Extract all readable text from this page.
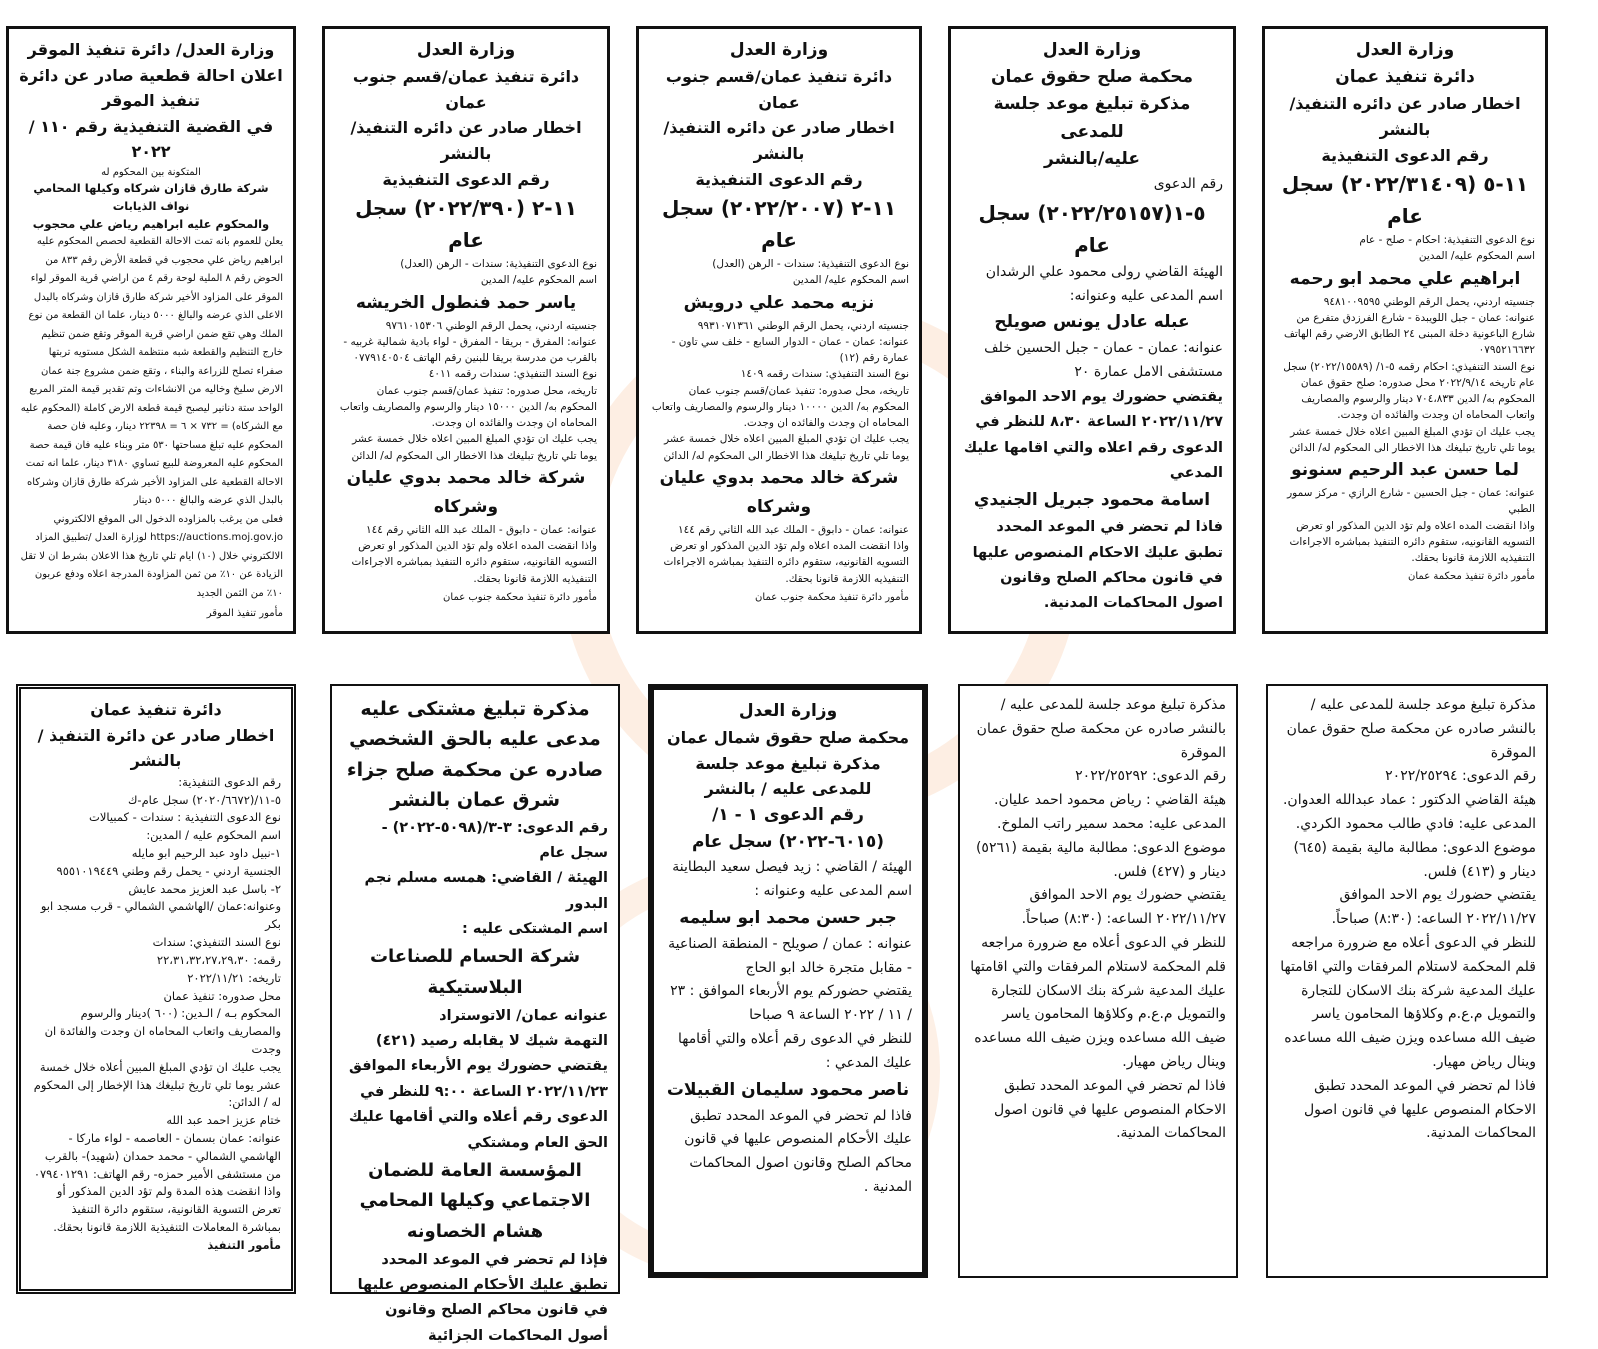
وزارة العدل
دائرة تنفيذ عمان
اخطار صادر عن دائره التنفيذ/ بالنشر
رقم الدعوى التنفيذية
١١-٥ (٢٠٢٢/٣١٤٠٩) سجل عام
نوع الدعوى التنفيذية: احكام - صلح - عام
اسم المحكوم عليه/ المدين
ابراهيم علي محمد ابو رحمه
جنسيته اردني، يحمل الرقم الوطني ٩٤٨١٠٠٩٥٩٥
عنوانه: عمان - جبل اللويبدة - شارع الفرزدق متفرع من شارع الباعونية دخلة المبنى ٢٤ الطابق الارضي رقم الهاتف ٠٧٩٥٢١٦٦٣٢
نوع السند التنفيذي: احكام رقمه ٥-١/ (٢٠٢٢/١٥٥٨٩) سجل عام تاريخه ٢٠٢٢/٩/١٤ محل صدوره: صلح حقوق عمان
المحكوم به/ الدين ٧٠٤،٨٣٣ دينار والرسوم والمصاريف واتعاب المحاماه ان وجدت والفائده ان وجدت.
يجب عليك ان تؤدي المبلغ المبين اعلاه خلال خمسة عشر يوما تلي تاريخ تبليغك هذا الاخطار الى المحكوم له/ الدائن
لما حسن عبد الرحيم سنونو
عنوانه: عمان - جبل الحسين - شارع الرازي - مركز سمور الطبي
واذا انقضت المده اعلاه ولم تؤد الدين المذكور او تعرض التسويه القانونيه، ستقوم دائره التنفيذ بمباشره الاجراءات التنفيذيه اللازمة قانونا بحقك.
مأمور دائرة تنفيذ محكمة عمان
وزارة العدل
محكمة صلح حقوق عمان
مذكرة تبليغ موعد جلسة للمدعى
عليه/بالنشر
رقم الدعوى
٥-١(٢٠٢٢/٢٥١٥٧) سجل عام
الهيئة القاضي رولى محمود علي الرشدان
اسم المدعى عليه وعنوانه:
عبله عادل يونس صويلح
عنوانه: عمان - عمان - جبل الحسين خلف مستشفى الامل عمارة ٢٠
يقتضي حضورك يوم الاحد الموافق ٢٠٢٢/١١/٢٧ الساعة ٨،٣٠ للنظر في الدعوى رقم اعلاه والتي اقامها عليك المدعي
اسامة محمود جبريل الجنيدي
فاذا لم تحضر في الموعد المحدد تطبق عليك الاحكام المنصوص عليها في قانون محاكم الصلح وقانون اصول المحاكمات المدنية.
وزارة العدل
دائرة تنفيذ عمان/قسم جنوب عمان
اخطار صادر عن دائره التنفيذ/ بالنشر
رقم الدعوى التنفيذية
١١-٢ (٢٠٢٢/٢٠٠٧) سجل عام
نوع الدعوى التنفيذية: سندات - الرهن (العدل)
اسم المحكوم عليه/ المدين
نزيه محمد علي درويش
جنسيته اردني، يحمل الرقم الوطني ٩٩٣١٠٧١٣٦١
عنوانه: عمان - عمان - الدوار السابع - خلف سي تاون - عمارة رقم (١٢)
نوع السند التنفيذي: سندات رقمه ١٤٠٩
تاريخه، محل صدوره: تنفيذ عمان/قسم جنوب عمان
المحكوم به/ الدين ١٠٠٠٠ دينار والرسوم والمصاريف واتعاب المحاماه ان وجدت والفائده ان وجدت.
يجب عليك ان تؤدي المبلغ المبين اعلاه خلال خمسة عشر يوما تلي تاريخ تبليغك هذا الاخطار الى المحكوم له/ الدائن
شركة خالد محمد بدوي عليان وشركاه
عنوانه: عمان - دابوق - الملك عبد الله الثاني رقم ١٤٤
واذا انقضت المده اعلاه ولم تؤد الدين المذكور او تعرض التسويه القانونيه، ستقوم دائره التنفيذ بمباشره الاجراءات التنفيذيه اللازمة قانونا بحقك.
مأمور دائرة تنفيذ محكمة جنوب عمان
وزارة العدل
دائرة تنفيذ عمان/قسم جنوب عمان
اخطار صادر عن دائره التنفيذ/ بالنشر
رقم الدعوى التنفيذية
١١-٢ (٢٠٢٢/٣٩٠) سجل عام
نوع الدعوى التنفيذية: سندات - الرهن (العدل)
اسم المحكوم عليه/ المدين
ياسر حمد فنطول الخريشه
جنسيته اردني، يحمل الرقم الوطني ٩٧٦١٠١٥٣٠٦
عنوانه: المفرق - بريقا - المفرق - لواء بادية شمالية غربيه - بالقرب من مدرسة بريقا للبنين رقم الهاتف ٠٧٧٩١٤٠٥٠٤
نوع السند التنفيذي: سندات رقمه ٤٠١١
تاريخه، محل صدوره: تنفيذ عمان/قسم جنوب عمان
المحكوم به/ الدين ١٥٠٠٠ دينار والرسوم والمصاريف واتعاب المحاماه ان وجدت والفائده ان وجدت.
يجب عليك ان تؤدي المبلغ المبين اعلاه خلال خمسة عشر يوما تلي تاريخ تبليغك هذا الاخطار الى المحكوم له/ الدائن
شركة خالد محمد بدوي عليان وشركاه
عنوانه: عمان - دابوق - الملك عبد الله الثاني رقم ١٤٤
واذا انقضت المده اعلاه ولم تؤد الدين المذكور او تعرض التسويه القانونيه، ستقوم دائره التنفيذ بمباشره الاجراءات التنفيذيه اللازمة قانونا بحقك.
مأمور دائرة تنفيذ محكمة جنوب عمان
وزارة العدل/ دائرة تنفيذ الموقر
اعلان احالة قطعية صادر عن دائرة تنفيذ الموقر
في القضية التنفيذية رقم ١١٠ / ٢٠٢٢
المتكونة بين المحكوم له
شركة طارق قازان شركاه وكيلها المحامي نواف الذيابات
والمحكوم عليه ابراهيم رياض علي محجوب
يعلن للعموم بانه تمت الاحالة القطعية لحصص المحكوم عليه ابراهيم رياض علي محجوب في قطعة الأرض رقم ٨٣٣ من الحوض رقم ٨ الملية لوحة رقم ٤ من اراضي قرية الموقر لواء الموقر على المزاود الأخير شركة طارق قازان وشركاه بالبدل الاعلى الذي عرضه والبالغ ٥٠٠٠ دينار، علما ان القطعة من نوع الملك وهي تقع ضمن اراضي قرية الموقر وتقع ضمن تنظيم خارج التنظيم والقطعة شبه منتظمة الشكل مستويه تربتها صفراء تصلح للزراعة والبناء ، وتقع ضمن مشروع جنة عمان الارض سليخ وخاليه من الانشاءات وتم تقدير قيمة المتر المربع الواحد ستة دنانير ليصبح قيمة قطعة الارض كاملة (المحكوم عليه مع الشركاه) = ٧٣٢ × ٦ = ٢٢٣٩٨ دينار، وعليه فان حصة المحكوم عليه تبلغ مساحتها ٥٣٠ متر وبناء عليه فان قيمة حصة المحكوم عليه المعروضة للبيع تساوي ٣١٨٠ دينار، علما انه تمت الاحالة القطعية على المزاود الأخير شركة طارق قازان وشركاه بالبدل الذي عرضه والبالغ ٥٠٠٠ دينار
فعلى من يرغب بالمزاوده الدخول الى الموقع الالكتروني https://auctions.moj.gov.jo لوزارة العدل /تطبيق المزاد الالكتروني خلال (١٠) ايام تلي تاريخ هذا الاعلان بشرط ان لا تقل الزيادة عن ١٠٪ من ثمن المزاودة المدرجة اعلاه ودفع عربون ١٠٪ من الثمن الجديد
مأمور تنفيذ الموقر
مذكرة تبليغ موعد جلسة للمدعى عليه / بالنشر صادره عن محكمة صلح حقوق عمان الموقرة
رقم الدعوى: ٢٠٢٢/٢٥٢٩٤
هيئة القاضي الدكتور : عماد عبدالله العدوان.
المدعى عليه: فادي طالب محمود الكردي.
موضوع الدعوى: مطالبة مالية بقيمة (٦٤٥) دينار و (٤١٣) فلس.
يقتضي حضورك يوم الاحد الموافق ٢٠٢٢/١١/٢٧ الساعه: (٨:٣٠) صباحاً.
للنظر في الدعوى أعلاه مع ضرورة مراجعه قلم المحكمة لاستلام المرفقات والتي اقامتها عليك المدعية شركة بنك الاسكان للتجارة والتمويل م.ع.م وكلاؤها المحامون ياسر ضيف الله مساعده ويزن ضيف الله مساعده وينال رياض مهيار.
فاذا لم تحضر في الموعد المحدد تطبق الاحكام المنصوص عليها في قانون اصول المحاكمات المدنية.
مذكرة تبليغ موعد جلسة للمدعى عليه / بالنشر صادره عن محكمة صلح حقوق عمان الموقرة
رقم الدعوى: ٢٠٢٢/٢٥٢٩٢
هيئة القاضي : رياض محمود احمد عليان.
المدعى عليه: محمد سمير راتب الملوخ.
موضوع الدعوى: مطالبة مالية بقيمة (٥٢٦١) دينار و (٤٢٧) فلس.
يقتضي حضورك يوم الاحد الموافق ٢٠٢٢/١١/٢٧ الساعه: (٨:٣٠) صباحاً.
للنظر في الدعوى أعلاه مع ضرورة مراجعه قلم المحكمة لاستلام المرفقات والتي اقامتها عليك المدعية شركة بنك الاسكان للتجارة والتمويل م.ع.م وكلاؤها المحامون ياسر ضيف الله مساعده ويزن ضيف الله مساعده وينال رياض مهيار.
فاذا لم تحضر في الموعد المحدد تطبق الاحكام المنصوص عليها في قانون اصول المحاكمات المدنية.
وزارة العدل
محكمة صلح حقوق شمال عمان
مذكرة تبليغ موعد جلسة للمدعى عليه / بالنشر
رقم الدعوى ١ - ١/
(٦٠١٥-٢٠٢٢) سجل عام
الهيئة / القاضي : زيد فيصل سعيد البطاينة
اسم المدعى عليه وعنوانه :
جبر حسن محمد ابو سليمه
عنوانه : عمان / صويلح - المنطقة الصناعية - مقابل متجرة خالد ابو الحاج
يقتضي حضوركم يوم الأربعاء الموافق : ٢٣ / ١١ / ٢٠٢٢ الساعة ٩ صباحا
للنظر في الدعوى رقم أعلاه والتي أقامها عليك المدعي :
ناصر محمود سليمان القبيلات
فاذا لم تحضر في الموعد المحدد تطبق عليك الأحكام المنصوص عليها في قانون محاكم الصلح وقانون اصول المحاكمات المدنية .
مذكرة تبليغ مشتكى عليه مدعى عليه بالحق الشخصي صادره عن محكمة صلح جزاء شرق عمان بالنشر
رقم الدعوى: ٣-٣/(٥٠٩٨-٢٠٢٢) - سجل عام
الهيئة / القاضي: همسه مسلم نجم البدور
اسم المشتكى عليه :
شركة الحسام للصناعات البلاستيكية
عنوانه عمان/ الاتوستراد
التهمة شيك لا يقابله رصيد (٤٢١)
يقتضي حضورك يوم الأربعاء الموافق ٢٠٢٢/١١/٢٣ الساعة ٩:٠٠ للنظر في الدعوى رقم أعلاه والتي أقامها عليك الحق العام ومشتكي
المؤسسة العامة للضمان الاجتماعي وكيلها المحامي هشام الخصاونه
فإذا لم تحضر في الموعد المحدد تطبق عليك الأحكام المنصوص عليها في قانون محاكم الصلح وقانون أصول المحاكمات الجزائية
دائرة تنفيذ عمان
اخطار صادر عن دائرة التنفيذ / بالنشر
رقم الدعوى التنفيذية:
٥-١١/(٢٠٢٠/٦٦٧٢) سجل عام-ك
نوع الدعوى التنفيذية : سندات - كمبيالات
اسم المحكوم عليه / المدين:
١-نبيل داود عبد الرحيم ابو مايله
الجنسية اردني - يحمل رقم وطني ٩٥٥١٠١٩٤٤٩
٢- باسل عبد العزيز محمد عايش
وعنوانه:عمان /الهاشمي الشمالي - قرب مسجد ابو بكر
نوع السند التنفيذي: سندات
رقمه: ٢٢،٣١،٣٢،٢٧،٢٩،٣٠
تاريخه: ٢٠٢٢/١١/٢١
محل صدوره: تنفيذ عمان
المحكوم بـه / الـدين: (٦٠٠ )دينار والرسوم والمصاريف واتعاب المحاماه ان وجدت والفائدة ان وجدت
يجب عليك ان تؤدي المبلغ المبين أعلاه خلال خمسة عشر يوما تلي تاريخ تبليغك هذا الإخطار إلى المحكوم له / الدائن:
ختام عزيز احمد عبد الله
عنوانه: عمان بسمان - العاصمه - لواء ماركا - الهاشمي الشمالي - محمد حمدان (شهيد)- بالقرب من مستشفى الأمير حمزه- رقم الهاتف: ٠٧٩٤٠١٢٩١
واذا انقضت هذه المدة ولم تؤد الدين المذكور أو تعرض التسوية القانونية، ستقوم دائرة التنفيذ بمباشرة المعاملات التنفيذية اللازمة قانونا بحقك.
مأمور التنفيذ
